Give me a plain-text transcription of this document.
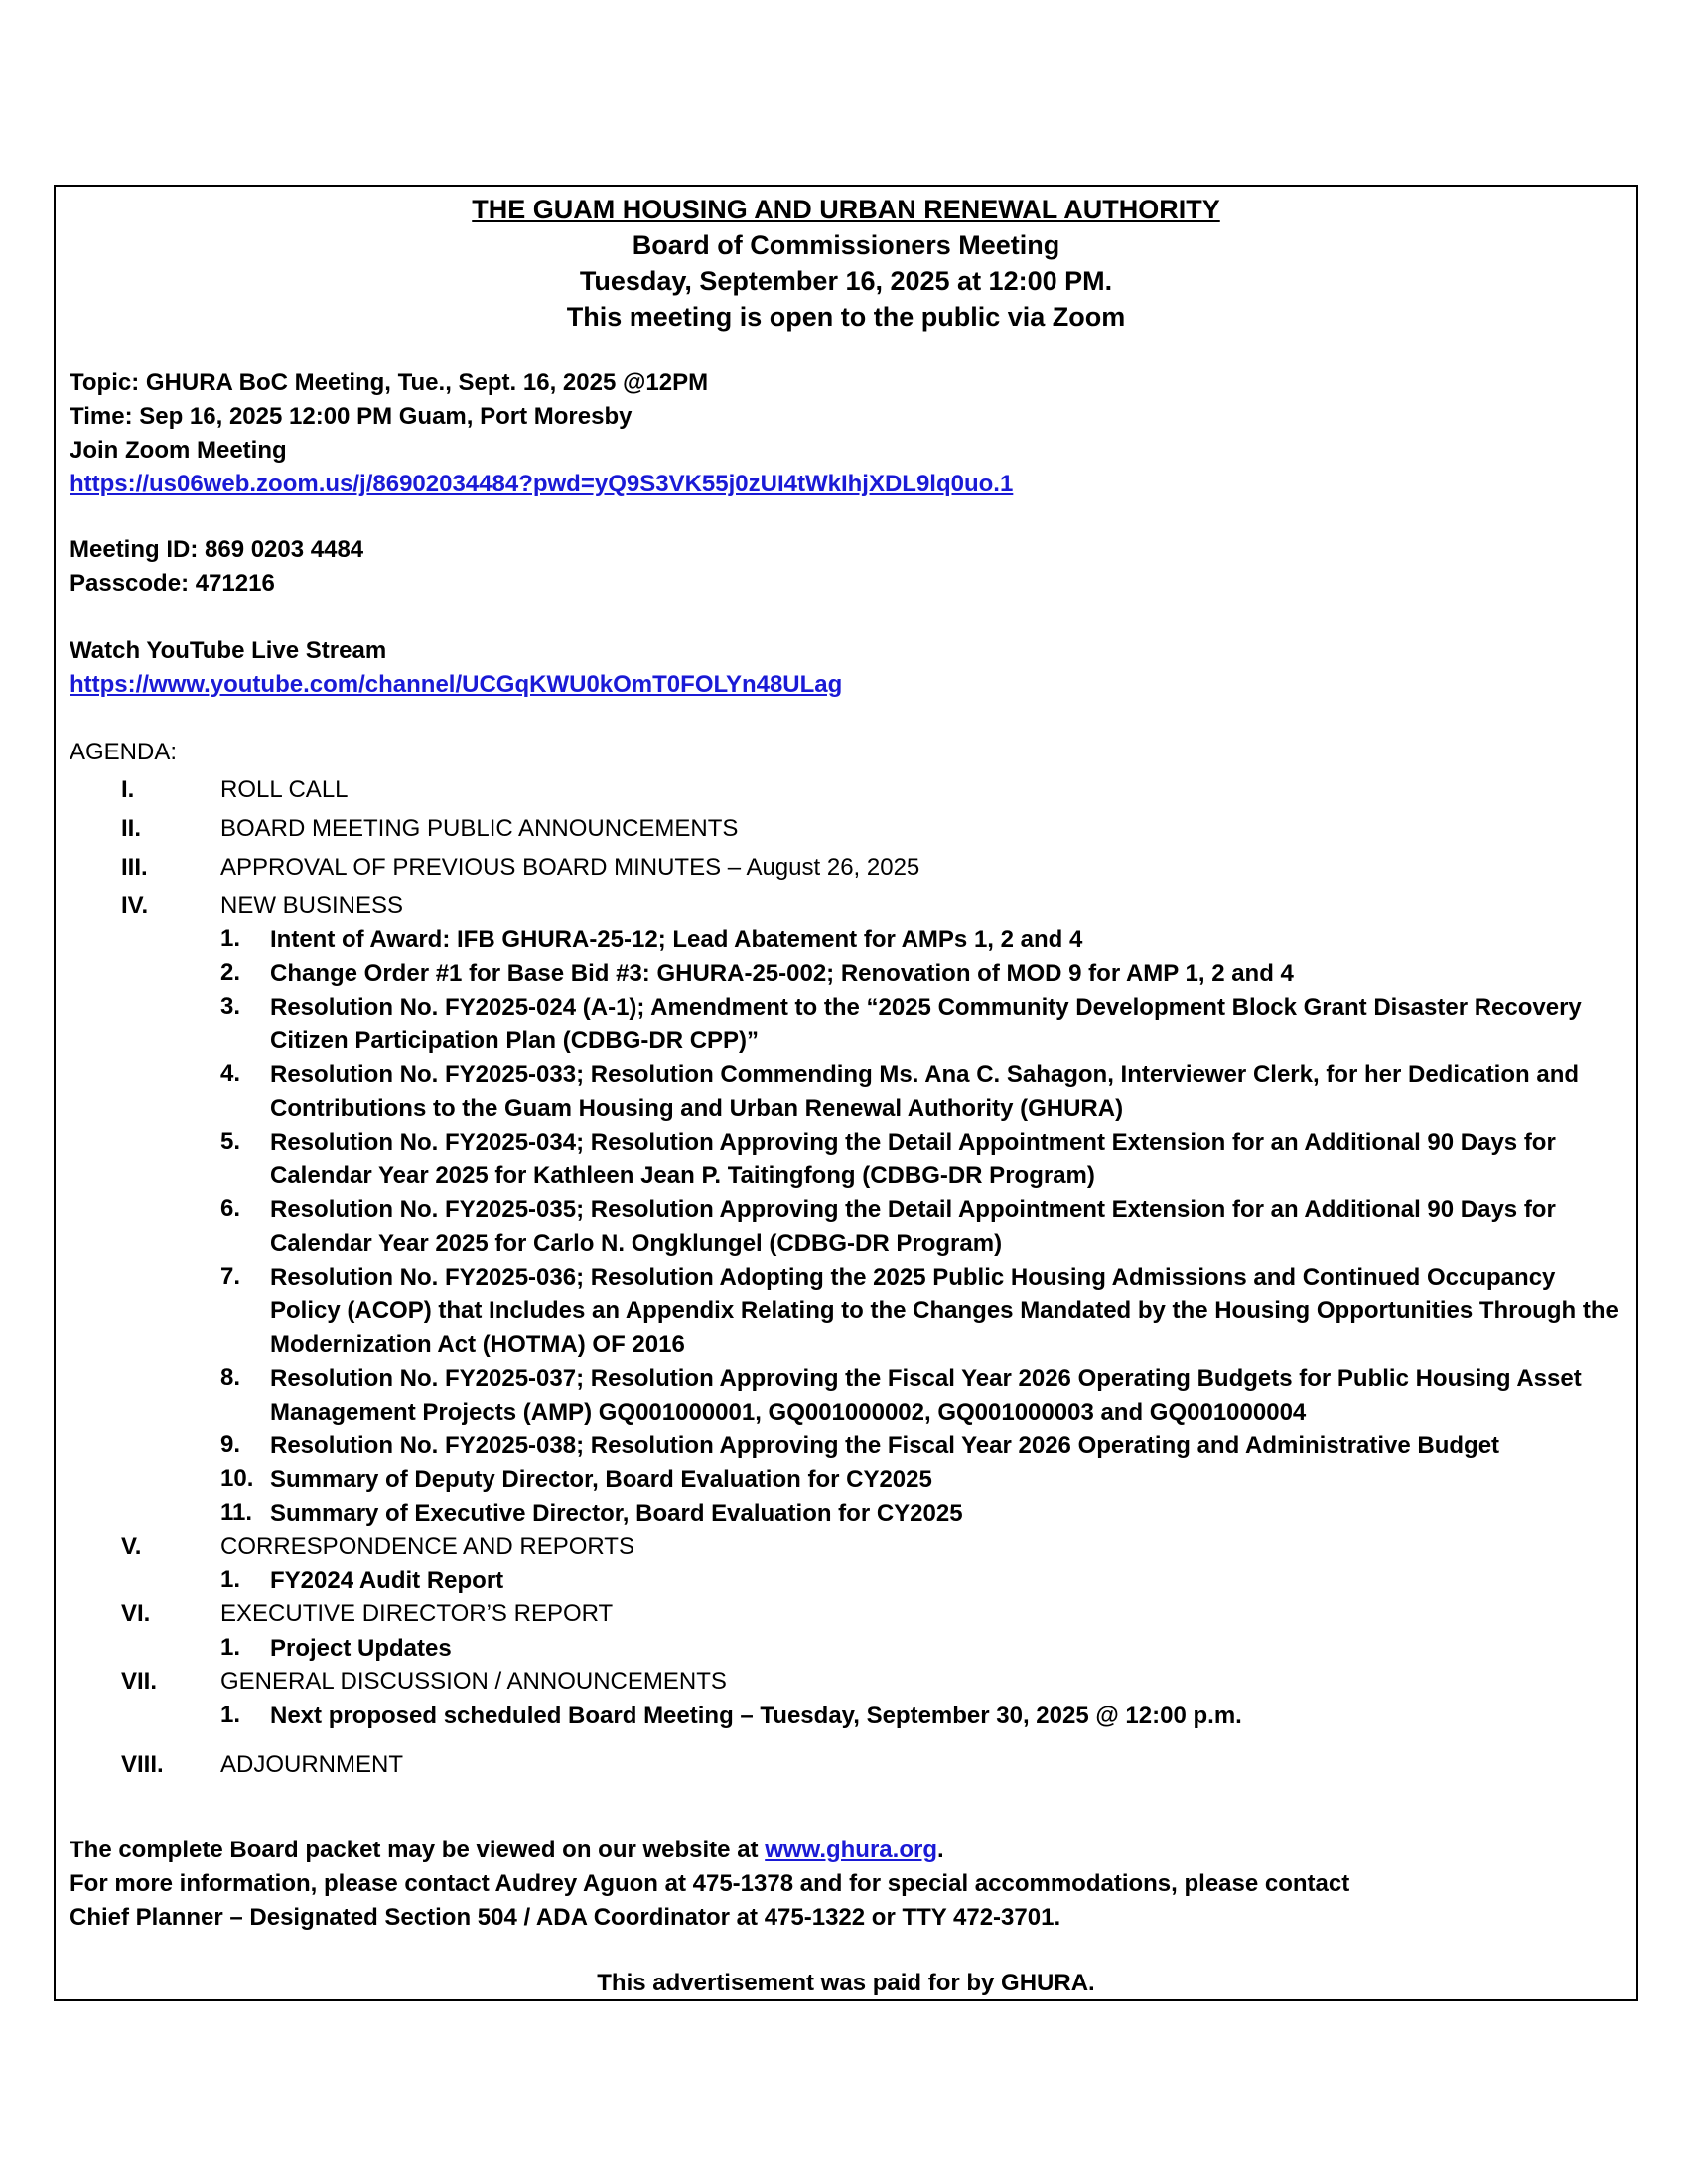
THE GUAM HOUSING AND URBAN RENEWAL AUTHORITY
Board of Commissioners Meeting
Tuesday, September 16, 2025 at 12:00 PM.
This meeting is open to the public via Zoom
Topic: GHURA BoC Meeting, Tue., Sept. 16, 2025 @12PM
Time: Sep 16, 2025 12:00 PM Guam, Port Moresby
Join Zoom Meeting
https://us06web.zoom.us/j/86902034484?pwd=yQ9S3VK55j0zUI4tWkIhjXDL9lq0uo.1
Meeting ID: 869 0203 4484
Passcode: 471216
Watch YouTube Live Stream
https://www.youtube.com/channel/UCGqKWU0kOmT0FOLYn48ULag
AGENDA:
I.	ROLL CALL
II.	BOARD MEETING PUBLIC ANNOUNCEMENTS
III.	APPROVAL OF PREVIOUS BOARD MINUTES – August 26, 2025
IV.	NEW BUSINESS
1. Intent of Award: IFB GHURA-25-12; Lead Abatement for AMPs 1, 2 and 4
2. Change Order #1 for Base Bid #3: GHURA-25-002; Renovation of MOD 9 for AMP 1, 2 and 4
3. Resolution No. FY2025-024 (A-1); Amendment to the “2025 Community Development Block Grant Disaster Recovery Citizen Participation Plan (CDBG-DR CPP)”
4. Resolution No. FY2025-033; Resolution Commending Ms. Ana C. Sahagon, Interviewer Clerk, for her Dedication and Contributions to the Guam Housing and Urban Renewal Authority (GHURA)
5. Resolution No. FY2025-034; Resolution Approving the Detail Appointment Extension for an Additional 90 Days for Calendar Year 2025 for Kathleen Jean P. Taitingfong (CDBG-DR Program)
6. Resolution No. FY2025-035; Resolution Approving the Detail Appointment Extension for an Additional 90 Days for Calendar Year 2025 for Carlo N. Ongklungel (CDBG-DR Program)
7. Resolution No. FY2025-036; Resolution Adopting the 2025 Public Housing Admissions and Continued Occupancy Policy (ACOP) that Includes an Appendix Relating to the Changes Mandated by the Housing Opportunities Through the Modernization Act (HOTMA) OF 2016
8. Resolution No. FY2025-037; Resolution Approving the Fiscal Year 2026 Operating Budgets for Public Housing Asset Management Projects (AMP) GQ001000001, GQ001000002, GQ001000003 and GQ001000004
9. Resolution No. FY2025-038; Resolution Approving the Fiscal Year 2026 Operating and Administrative Budget
10. Summary of Deputy Director, Board Evaluation for CY2025
11. Summary of Executive Director, Board Evaluation for CY2025
V.	CORRESPONDENCE AND REPORTS
1. FY2024 Audit Report
VI.	EXECUTIVE DIRECTOR’S REPORT
1. Project Updates
VII.	GENERAL DISCUSSION / ANNOUNCEMENTS
1. Next proposed scheduled Board Meeting – Tuesday, September 30, 2025 @ 12:00 p.m.
VIII. ADJOURNMENT
The complete Board packet may be viewed on our website at www.ghura.org.
For more information, please contact Audrey Aguon at 475-1378 and for special accommodations, please contact
Chief Planner – Designated Section 504 / ADA Coordinator at 475-1322 or TTY 472-3701.
This advertisement was paid for by GHURA.
